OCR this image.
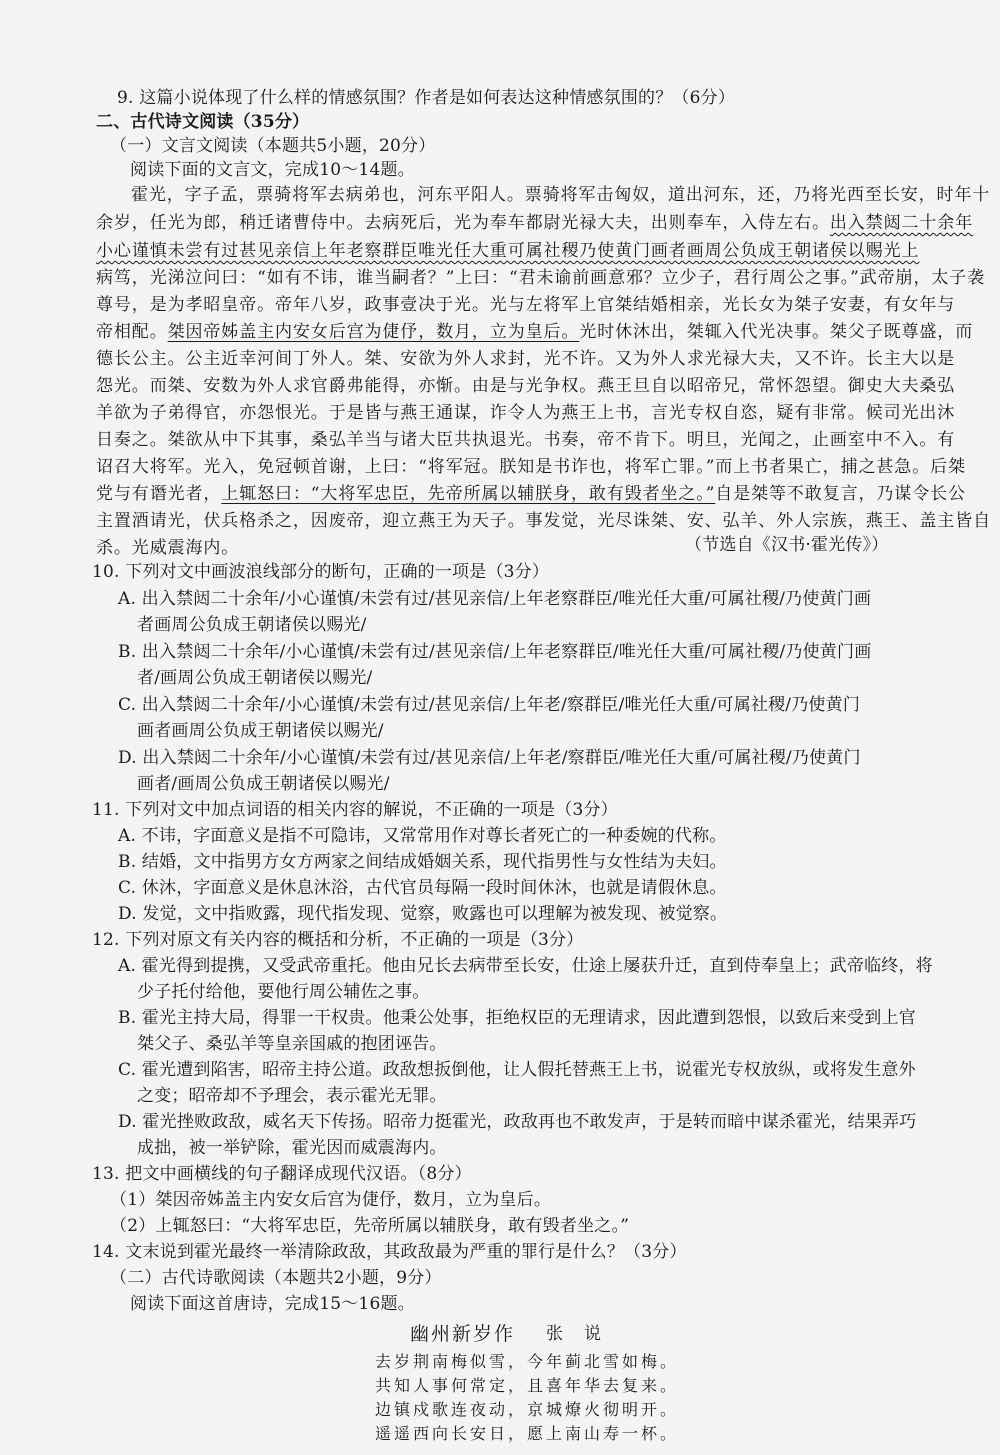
9. 这篇小说体现了什么样的情感氛围？作者是如何表达这种情感氛围的？（6分）
二、古代诗文阅读（35分）
（一）文言文阅读（本题共5小题，20分）
阅读下面的文言文，完成10～14题。
霍光，字子孟，票骑将军去病弟也，河东平阳人。票骑将军击匈奴，道出河东，还，乃将光西至长安，时年十
余岁，任光为郎，稍迁诸曹侍中。去病死后，光为奉车都尉光禄大夫，出则奉车，入侍左右。出入禁闼二十余年
小心谨慎未尝有过甚见亲信上年老察群臣唯光任大重可属社稷乃使黄门画者画周公负成王朝诸侯以赐光上
病笃，光涕泣问曰：“如有不讳，谁当嗣者？”上曰：“君未谕前画意邪？立少子，君行周公之事。”武帝崩，太子袭
尊号，是为孝昭皇帝。帝年八岁，政事壹决于光。光与左将军上官桀结婚相亲，光长女为桀子安妻，有女年与
帝相配。桀因帝姊盖主内安女后宫为倢伃，数月，立为皇后。光时休沐出，桀辄入代光决事。桀父子既尊盛，而
德长公主。公主近幸河间丁外人。桀、安欲为外人求封，光不许。又为外人求光禄大夫，又不许。长主大以是
怨光。而桀、安数为外人求官爵弗能得，亦惭。由是与光争权。燕王旦自以昭帝兄，常怀怨望。御史大夫桑弘
羊欲为子弟得官，亦怨恨光。于是皆与燕王通谋，诈令人为燕王上书，言光专权自恣，疑有非常。候司光出沐
日奏之。桀欲从中下其事，桑弘羊当与诸大臣共执退光。书奏，帝不肯下。明旦，光闻之，止画室中不入。有
诏召大将军。光入，免冠顿首谢，上曰：“将军冠。朕知是书诈也，将军亡罪。”而上书者果亡，捕之甚急。后桀
党与有谮光者，上辄怒曰：“大将军忠臣，先帝所属以辅朕身，敢有毁者坐之。”自是桀等不敢复言，乃谋令长公
主置酒请光，伏兵格杀之，因废帝，迎立燕王为天子。事发觉，光尽诛桀、安、弘羊、外人宗族，燕王、盖主皆自
杀。光威震海内。	（节选自《汉书·霍光传》）
10. 下列对文中画波浪线部分的断句，正确的一项是（3分）
A. 出入禁闼二十余年/小心谨慎/未尝有过/甚见亲信/上年老察群臣/唯光任大重/可属社稷/乃使黄门画
者画周公负成王朝诸侯以赐光/
B. 出入禁闼二十余年/小心谨慎/未尝有过/甚见亲信/上年老察群臣/唯光任大重/可属社稷/乃使黄门画
者/画周公负成王朝诸侯以赐光/
C. 出入禁闼二十余年/小心谨慎/未尝有过/甚见亲信/上年老/察群臣/唯光任大重/可属社稷/乃使黄门
画者画周公负成王朝诸侯以赐光/
D. 出入禁闼二十余年/小心谨慎/未尝有过/甚见亲信/上年老/察群臣/唯光任大重/可属社稷/乃使黄门
画者/画周公负成王朝诸侯以赐光/
11. 下列对文中加点词语的相关内容的解说，不正确的一项是（3分）
A. 不讳，字面意义是指不可隐讳，又常常用作对尊长者死亡的一种委婉的代称。
B. 结婚，文中指男方女方两家之间结成婚姻关系，现代指男性与女性结为夫妇。
C. 休沐，字面意义是休息沐浴，古代官员每隔一段时间休沐，也就是请假休息。
D. 发觉，文中指败露，现代指发现、觉察，败露也可以理解为被发现、被觉察。
12. 下列对原文有关内容的概括和分析，不正确的一项是（3分）
A. 霍光得到提携，又受武帝重托。他由兄长去病带至长安，仕途上屡获升迁，直到侍奉皇上；武帝临终，将
少子托付给他，要他行周公辅佐之事。
B. 霍光主持大局，得罪一干权贵。他秉公处事，拒绝权臣的无理请求，因此遭到怨恨，以致后来受到上官
桀父子、桑弘羊等皇亲国戚的抱团诬告。
C. 霍光遭到陷害，昭帝主持公道。政敌想扳倒他，让人假托替燕王上书，说霍光专权放纵，或将发生意外
之变；昭帝却不予理会，表示霍光无罪。
D. 霍光挫败政敌，威名天下传扬。昭帝力挺霍光，政敌再也不敢发声，于是转而暗中谋杀霍光，结果弄巧
成拙，被一举铲除，霍光因而威震海内。
13. 把文中画横线的句子翻译成现代汉语。（8分）
（1）桀因帝姊盖主内安女后宫为倢伃，数月，立为皇后。
（2）上辄怒曰：“大将军忠臣，先帝所属以辅朕身，敢有毁者坐之。”
14. 文末说到霍光最终一举清除政敌，其政敌最为严重的罪行是什么？（3分）
（二）古代诗歌阅读（本题共2小题，9分）
阅读下面这首唐诗，完成15～16题。
幽州新岁作 张　说
去岁荆南梅似雪，今年蓟北雪如梅。
共知人事何常定，且喜年华去复来。
边镇戍歌连夜动，京城燎火彻明开。
遥遥西向长安日，愿上南山寿一杯。
